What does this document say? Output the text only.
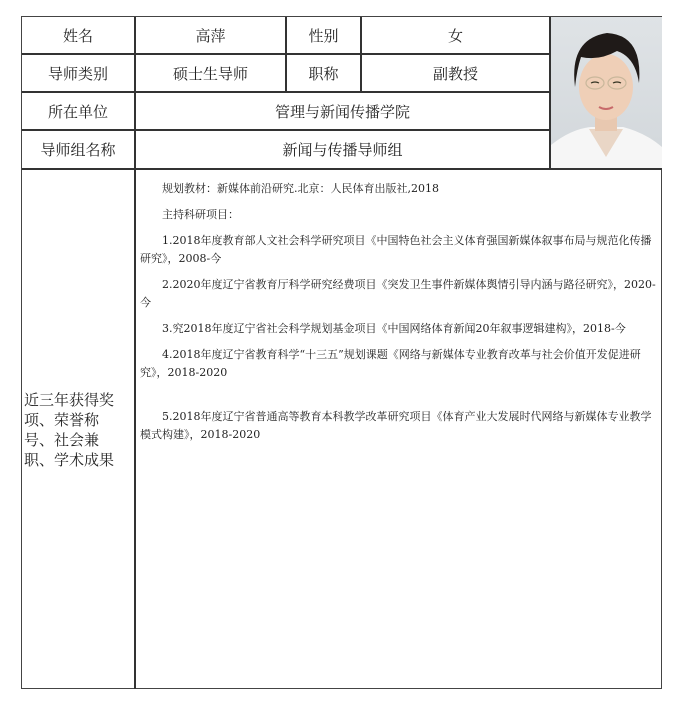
姓名	高萍	性别	女
导师类别	硕士生导师	职称	副教授
所在单位	管理与新闻传播学院
导师组名称	新闻与传播导师组
近三年获得奖项、荣誉称号、社会兼职、学术成果

规划教材：新媒体前沿研究.北京：人民体育出版社,2018

主持科研项目：

1.2018年度教育部人文社会科学研究项目《中国特色社会主义体育强国新媒体叙事布局与规范化传播研究》，2008-今

2.2020年度辽宁省教育厅科学研究经费项目《突发卫生事件新媒体舆情引导内涵与路径研究》，2020-今

3.究2018年度辽宁省社会科学规划基金项目《中国网络体育新闻20年叙事逻辑建构》，2018-今

4.2018年度辽宁省教育科学“十三五”规划课题《网络与新媒体专业教育改革与社会价值开发促进研究》，2018-2020

5.2018年度辽宁省普通高等教育本科教学改革研究项目《体育产业大发展时代网络与新媒体专业教学模式构建》，2018-2020
